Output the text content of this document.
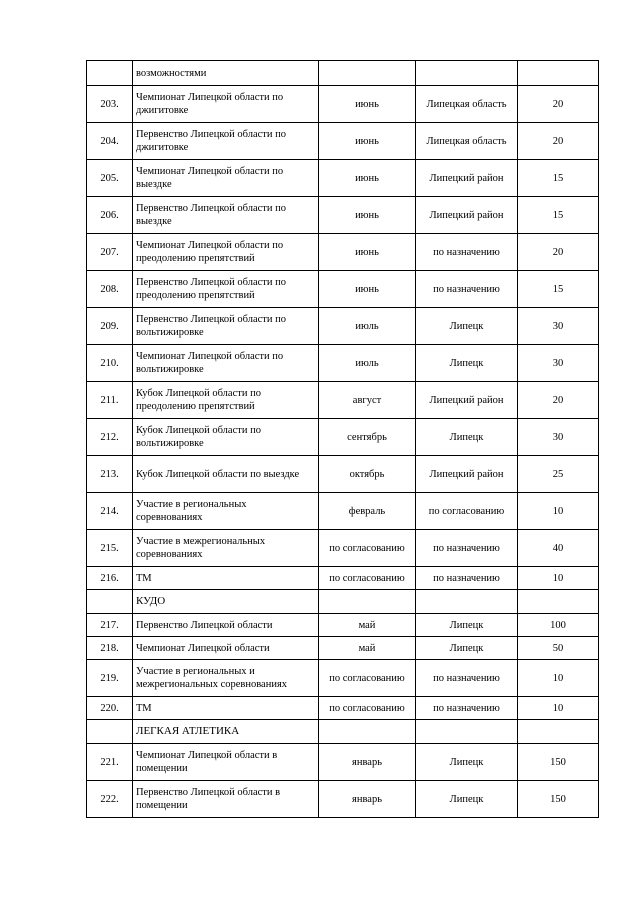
	возможностями			
203.	Чемпионат Липецкой области по джигитовке	июнь	Липецкая область	20
204.	Первенство Липецкой области по джигитовке	июнь	Липецкая область	20
205.	Чемпионат Липецкой области по выездке	июнь	Липецкий район	15
206.	Первенство Липецкой области по выездке	июнь	Липецкий район	15
207.	Чемпионат Липецкой области по преодолению препятствий	июнь	по назначению	20
208.	Первенство Липецкой области по преодолению препятствий	июнь	по назначению	15
209.	Первенство Липецкой области по вольтижировке	июль	Липецк	30
210.	Чемпионат Липецкой области по вольтижировке	июль	Липецк	30
211.	Кубок Липецкой области по преодолению препятствий	август	Липецкий район	20
212.	Кубок Липецкой области по вольтижировке	сентябрь	Липецк	30
213.	Кубок Липецкой области по выездке	октябрь	Липецкий район	25
214.	Участие в региональных соревнованиях	февраль	по согласованию	10
215.	Участие в межрегиональных соревнованиях	по согласованию	по назначению	40
216.	ТМ	по согласованию	по назначению	10
	КУДО			
217.	Первенство Липецкой области	май	Липецк	100
218.	Чемпионат Липецкой области	май	Липецк	50
219.	Участие в региональных и межрегиональных соревнованиях	по согласованию	по назначению	10
220.	ТМ	по согласованию	по назначению	10
	ЛЕГКАЯ АТЛЕТИКА			
221.	Чемпионат Липецкой области в помещении	январь	Липецк	150
222.	Первенство Липецкой области в помещении	январь	Липецк	150
